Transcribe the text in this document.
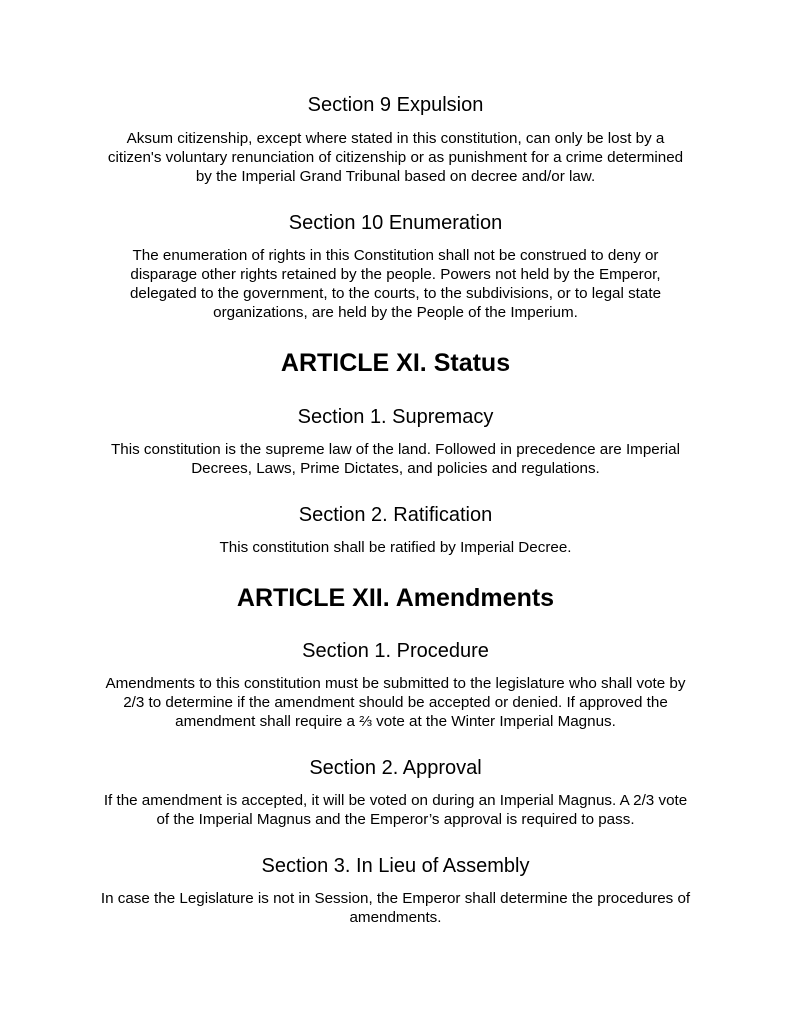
Section 9 Expulsion
Aksum citizenship, except where stated in this constitution, can only be lost by a
citizen's voluntary renunciation of citizenship or as punishment for a crime determined
by the Imperial Grand Tribunal based on decree and/or law.
Section 10 Enumeration
The enumeration of rights in this Constitution shall not be construed to deny or
disparage other rights retained by the people. Powers not held by the Emperor,
delegated to the government, to the courts, to the subdivisions, or to legal state
organizations, are held by the People of the Imperium.
ARTICLE XI. Status
Section 1. Supremacy
This constitution is the supreme law of the land. Followed in precedence are Imperial
Decrees, Laws, Prime Dictates, and policies and regulations.
Section 2. Ratification
This constitution shall be ratified by Imperial Decree.
ARTICLE XII. Amendments
Section 1. Procedure
Amendments to this constitution must be submitted to the legislature who shall vote by
2/3 to determine if the amendment should be accepted or denied. If approved the
amendment shall require a ⅔ vote at the Winter Imperial Magnus.
Section 2. Approval
If the amendment is accepted, it will be voted on during an Imperial Magnus. A 2/3 vote
of the Imperial Magnus and the Emperor’s approval is required to pass.
Section 3. In Lieu of Assembly
In case the Legislature is not in Session, the Emperor shall determine the procedures of
amendments.
